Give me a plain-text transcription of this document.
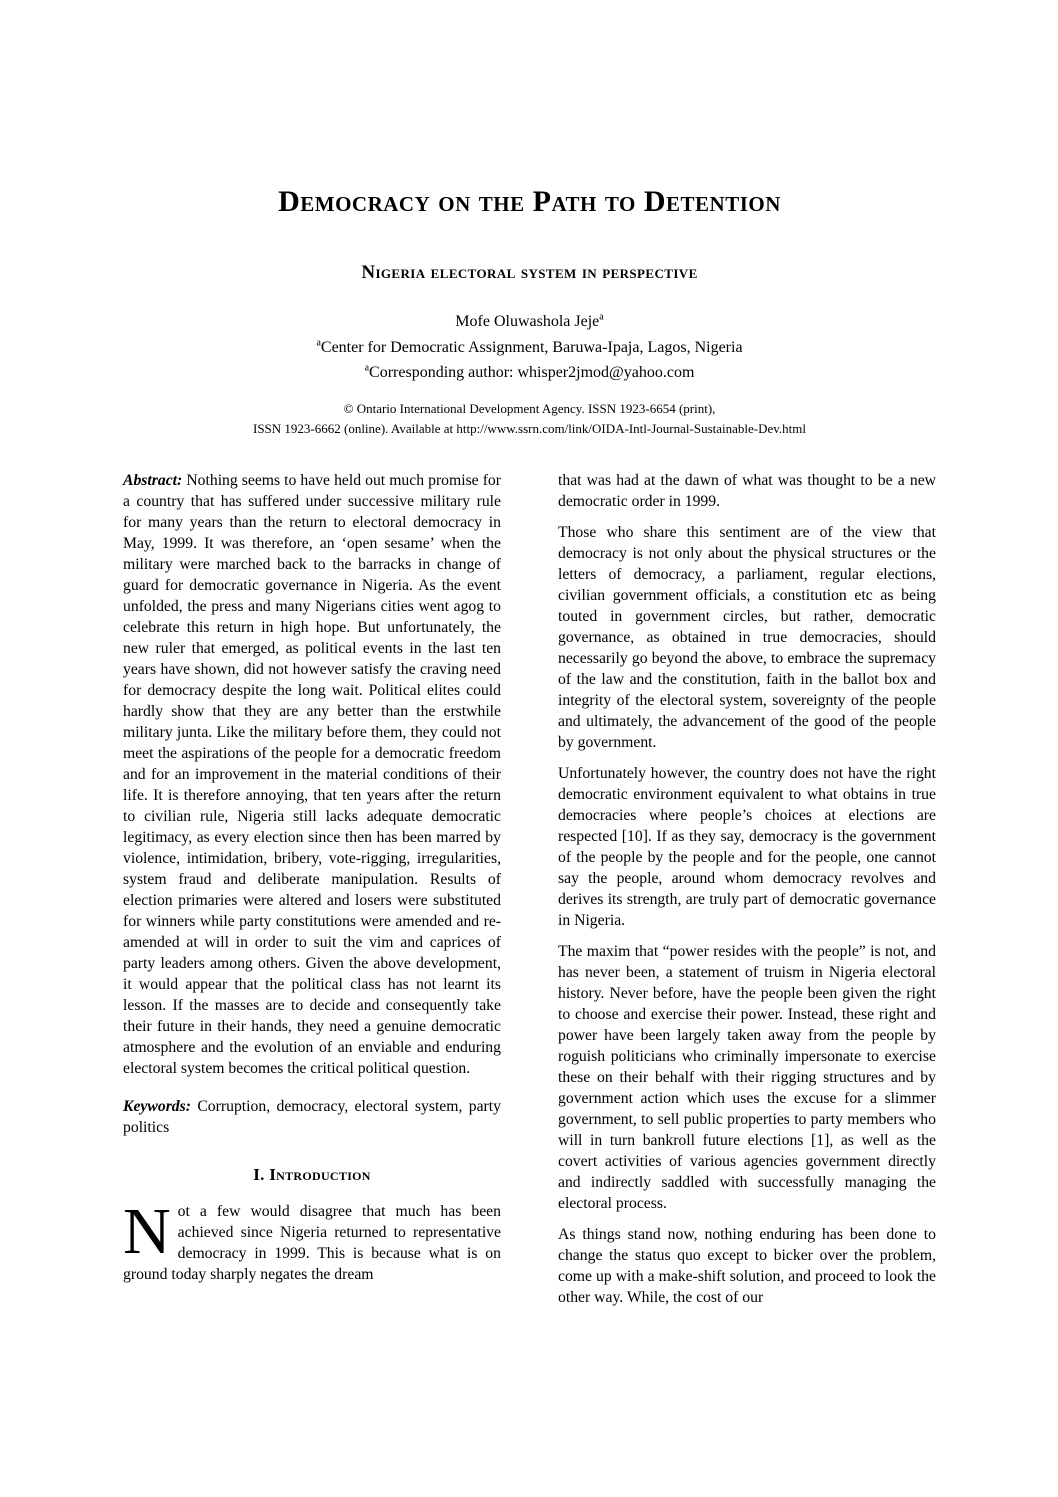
Democracy on the Path to Detention
Nigeria electoral system in perspective
Mofe Oluwashola Jeje$^a$
$^a$Center for Democratic Assignment, Baruwa-Ipaja, Lagos, Nigeria
$^a$Corresponding author: whisper2jmod@yahoo.com
© Ontario International Development Agency. ISSN 1923-6654 (print),
ISSN 1923-6662 (online). Available at http://www.ssrn.com/link/OIDA-Intl-Journal-Sustainable-Dev.html

Abstract: Nothing seems to have held out much promise for a country that has suffered under successive military rule for many years than the return to electoral democracy in May, 1999. It was therefore, an ‘open sesame’ when the military were marched back to the barracks in change of guard for democratic governance in Nigeria. As the event unfolded, the press and many Nigerians cities went agog to celebrate this return in high hope. But unfortunately, the new ruler that emerged, as political events in the last ten years have shown, did not however satisfy the craving need for democracy despite the long wait. Political elites could hardly show that they are any better than the erstwhile military junta. Like the military before them, they could not meet the aspirations of the people for a democratic freedom and for an improvement in the material conditions of their life. It is therefore annoying, that ten years after the return to civilian rule, Nigeria still lacks adequate democratic legitimacy, as every election since then has been marred by violence, intimidation, bribery, vote-rigging, irregularities, system fraud and deliberate manipulation. Results of election primaries were altered and losers were substituted for winners while party constitutions were amended and re-amended at will in order to suit the vim and caprices of party leaders among others. Given the above development, it would appear that the political class has not learnt its lesson. If the masses are to decide and consequently take their future in their hands, they need a genuine democratic atmosphere and the evolution of an enviable and enduring electoral system becomes the critical political question.

Keywords: Corruption, democracy, electoral system, party politics

I. Introduction

Not a few would disagree that much has been achieved since Nigeria returned to representative democracy in 1999. This is because what is on ground today sharply negates the dream

that was had at the dawn of what was thought to be a new democratic order in 1999.

Those who share this sentiment are of the view that democracy is not only about the physical structures or the letters of democracy, a parliament, regular elections, civilian government officials, a constitution etc as being touted in government circles, but rather, democratic governance, as obtained in true democracies, should necessarily go beyond the above, to embrace the supremacy of the law and the constitution, faith in the ballot box and integrity of the electoral system, sovereignty of the people and ultimately, the advancement of the good of the people by government.

Unfortunately however, the country does not have the right democratic environment equivalent to what obtains in true democracies where people’s choices at elections are respected [10]. If as they say, democracy is the government of the people by the people and for the people, one cannot say the people, around whom democracy revolves and derives its strength, are truly part of democratic governance in Nigeria.

The maxim that “power resides with the people” is not, and has never been, a statement of truism in Nigeria electoral history. Never before, have the people been given the right to choose and exercise their power. Instead, these right and power have been largely taken away from the people by roguish politicians who criminally impersonate to exercise these on their behalf with their rigging structures and by government action which uses the excuse for a slimmer government, to sell public properties to party members who will in turn bankroll future elections [1], as well as the covert activities of various agencies government directly and indirectly saddled with successfully managing the electoral process.

As things stand now, nothing enduring has been done to change the status quo except to bicker over the problem, come up with a make-shift solution, and proceed to look the other way. While, the cost of our
